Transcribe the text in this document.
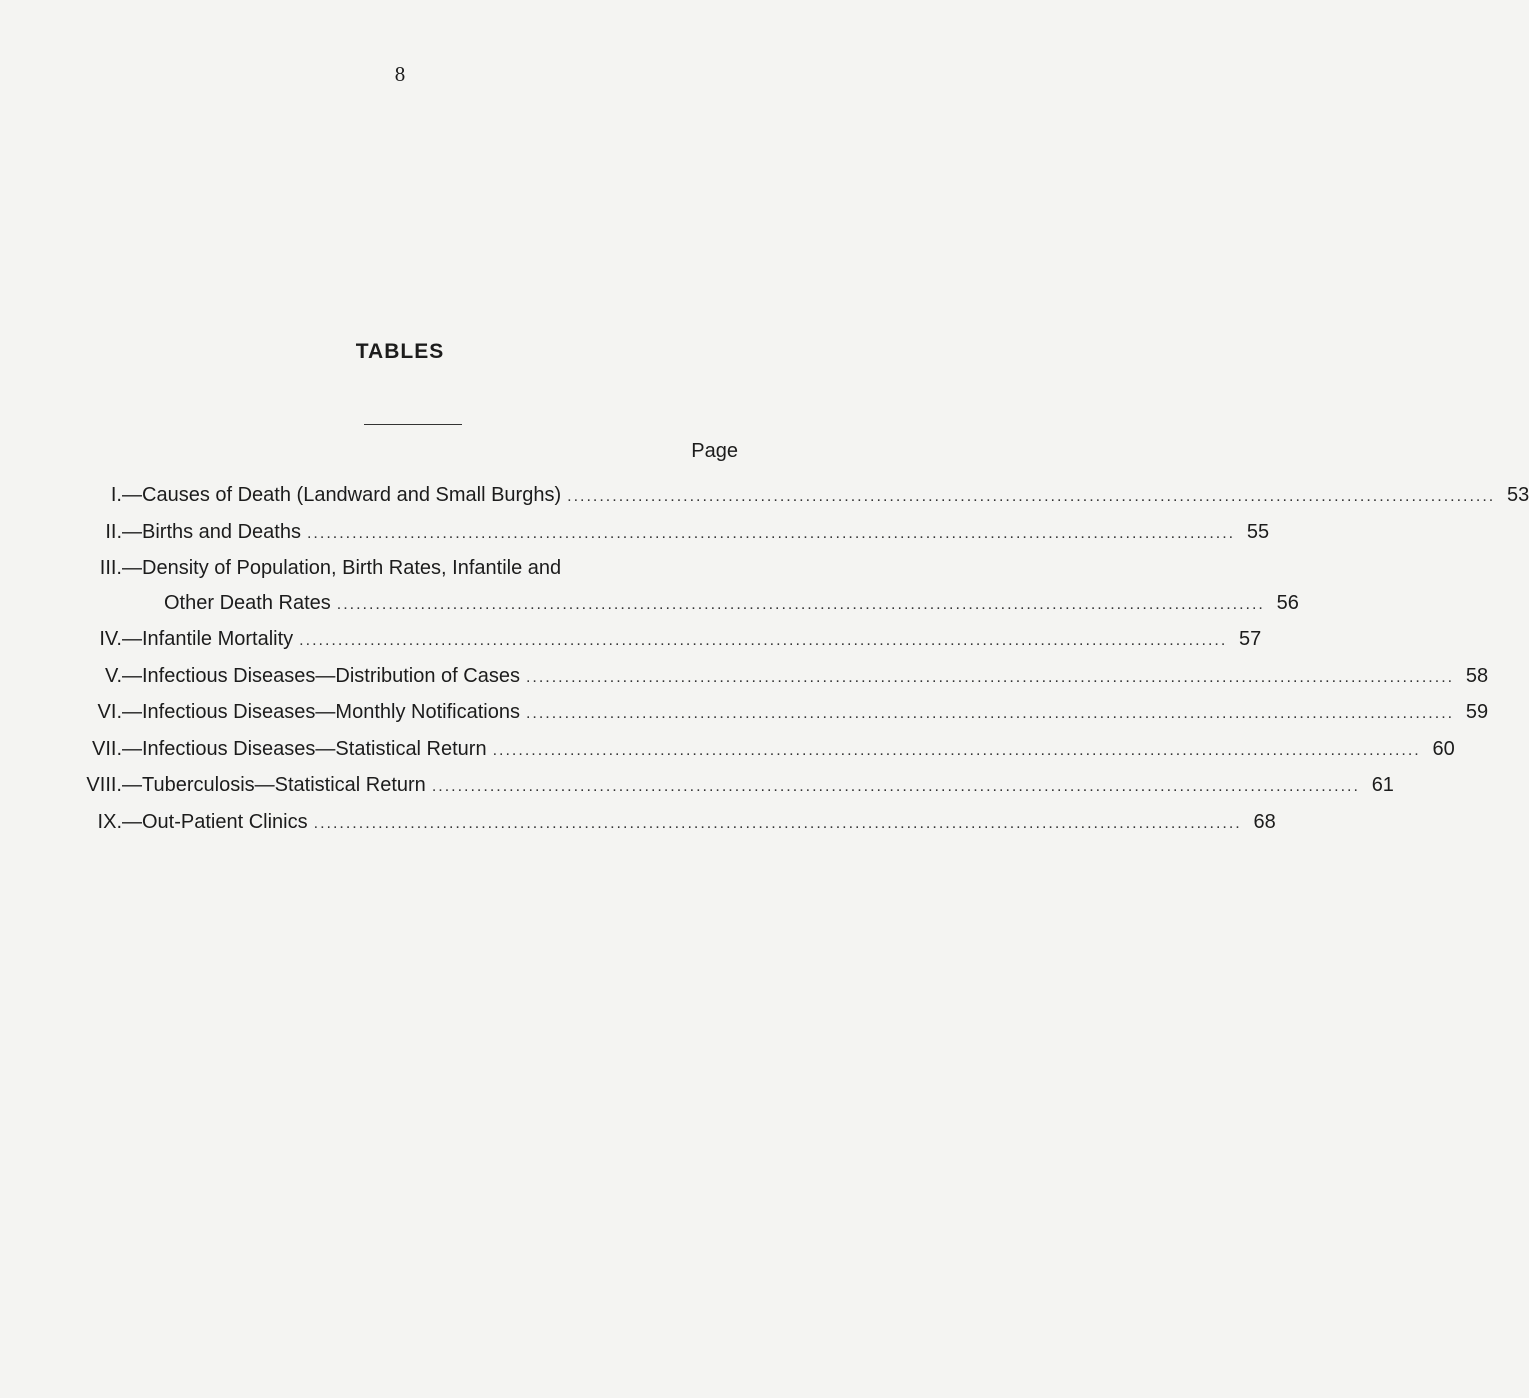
8
TABLES
Page
I. —Causes of Death (Landward and Small Burghs) .....	53
II. —Births and Deaths .....	55
III. —Density of Population, Birth Rates, Infantile and
Other Death Rates .....	56
IV. —Infantile Mortality .....	57
V. —Infectious Diseases—Distribution of Cases .....	58
VI. —Infectious Diseases—Monthly Notifications .....	59
VII. —Infectious Diseases—Statistical Return .....	60
VIII. —Tuberculosis—Statistical Return .....	61
IX. —Out-Patient Clinics .....	68
